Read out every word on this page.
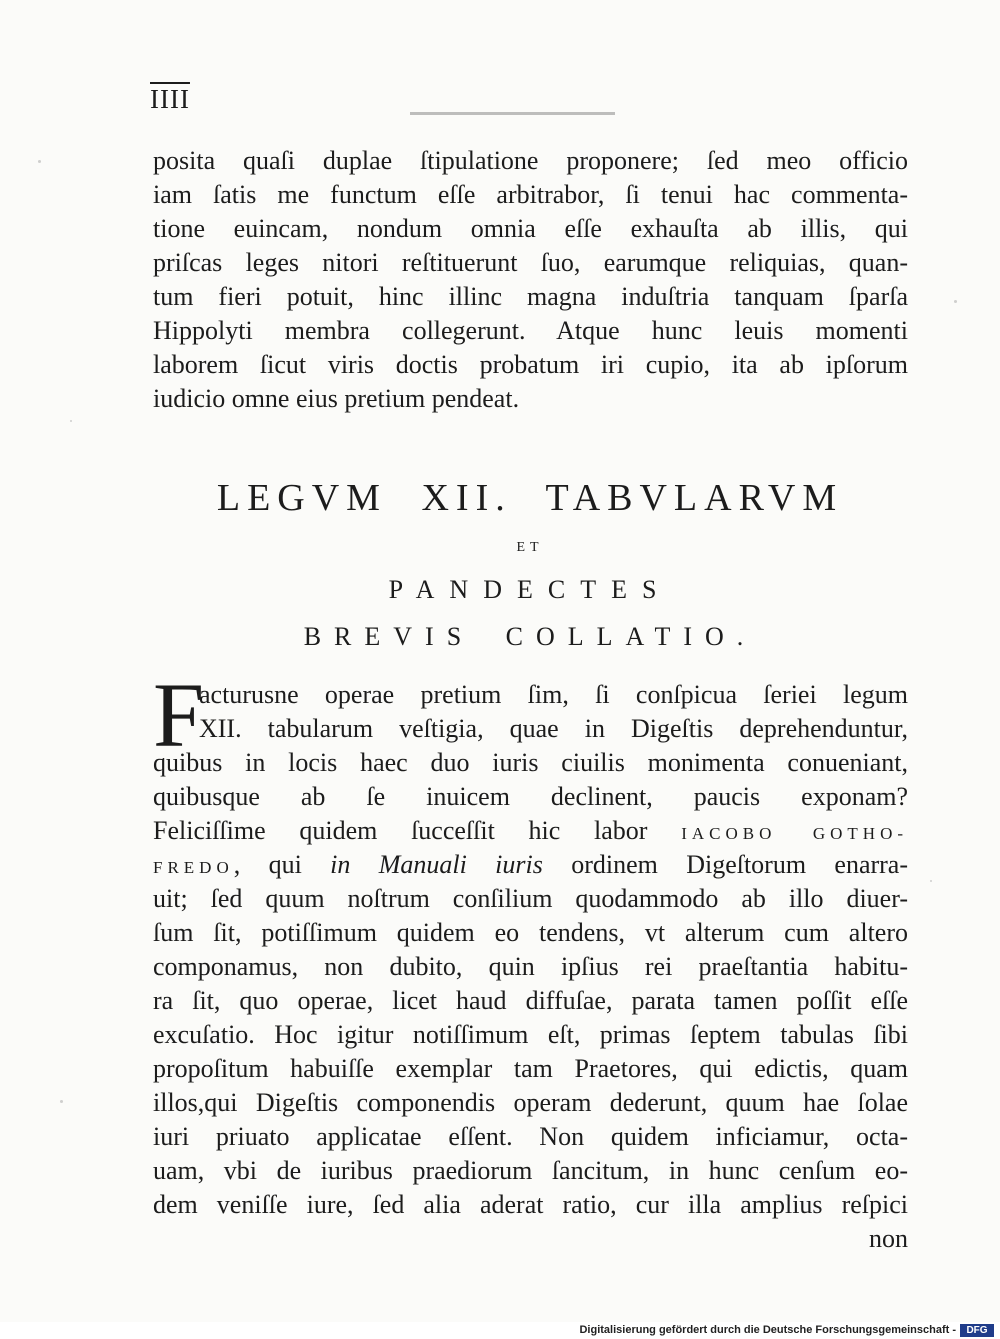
IIII
posita quaſi duplae ſtipulatione proponere; ſed meo officio
iam ſatis me functum eſſe arbitrabor, ſi tenui hac commenta-
tione euincam, nondum omnia eſſe exhauſta ab illis, qui
priſcas leges nitori reſtituerunt ſuo, earumque reliquias, quan-
tum fieri potuit, hinc illinc magna induſtria tanquam ſparſa
Hippolyti membra collegerunt. Atque hunc leuis momenti
laborem ſicut viris doctis probatum iri cupio, ita ab ipſorum
iudicio omne eius pretium pendeat.
LEGVM XII. TABVLARVM
ET
PANDECTES
BREVIS COLLATIO.
F
acturusne operae pretium ſim, ſi conſpicua ſeriei legum
XII. tabularum veſtigia, quae in Digeſtis deprehenduntur,
quibus in locis haec duo iuris ciuilis monimenta conueniant,
quibusque ab ſe inuicem declinent, paucis exponam?
Feliciſſime quidem ſucceſſit hic labor IACOBO GOTHO-
FREDO, qui in Manuali iuris ordinem Digeſtorum enarra-
uit; ſed quum noſtrum conſilium quodammodo ab illo diuer-
ſum ſit, potiſſimum quidem eo tendens, vt alterum cum altero
componamus, non dubito, quin ipſius rei praeſtantia habitu-
ra ſit, quo operae, licet haud diffuſae, parata tamen poſſit eſſe
excuſatio. Hoc igitur notiſſimum eſt, primas ſeptem tabulas ſibi
propoſitum habuiſſe exemplar tam Praetores, qui edictis, quam
illos,qui Digeſtis componendis operam dederunt, quum hae ſolae
iuri priuato applicatae eſſent. Non quidem inficiamur, octa-
uam, vbi de iuribus praediorum ſancitum, in hunc cenſum eo-
dem veniſſe iure, ſed alia aderat ratio, cur illa amplius reſpici
non
Digitalisierung gefördert durch die Deutsche Forschungsgemeinschaft -	DFG
